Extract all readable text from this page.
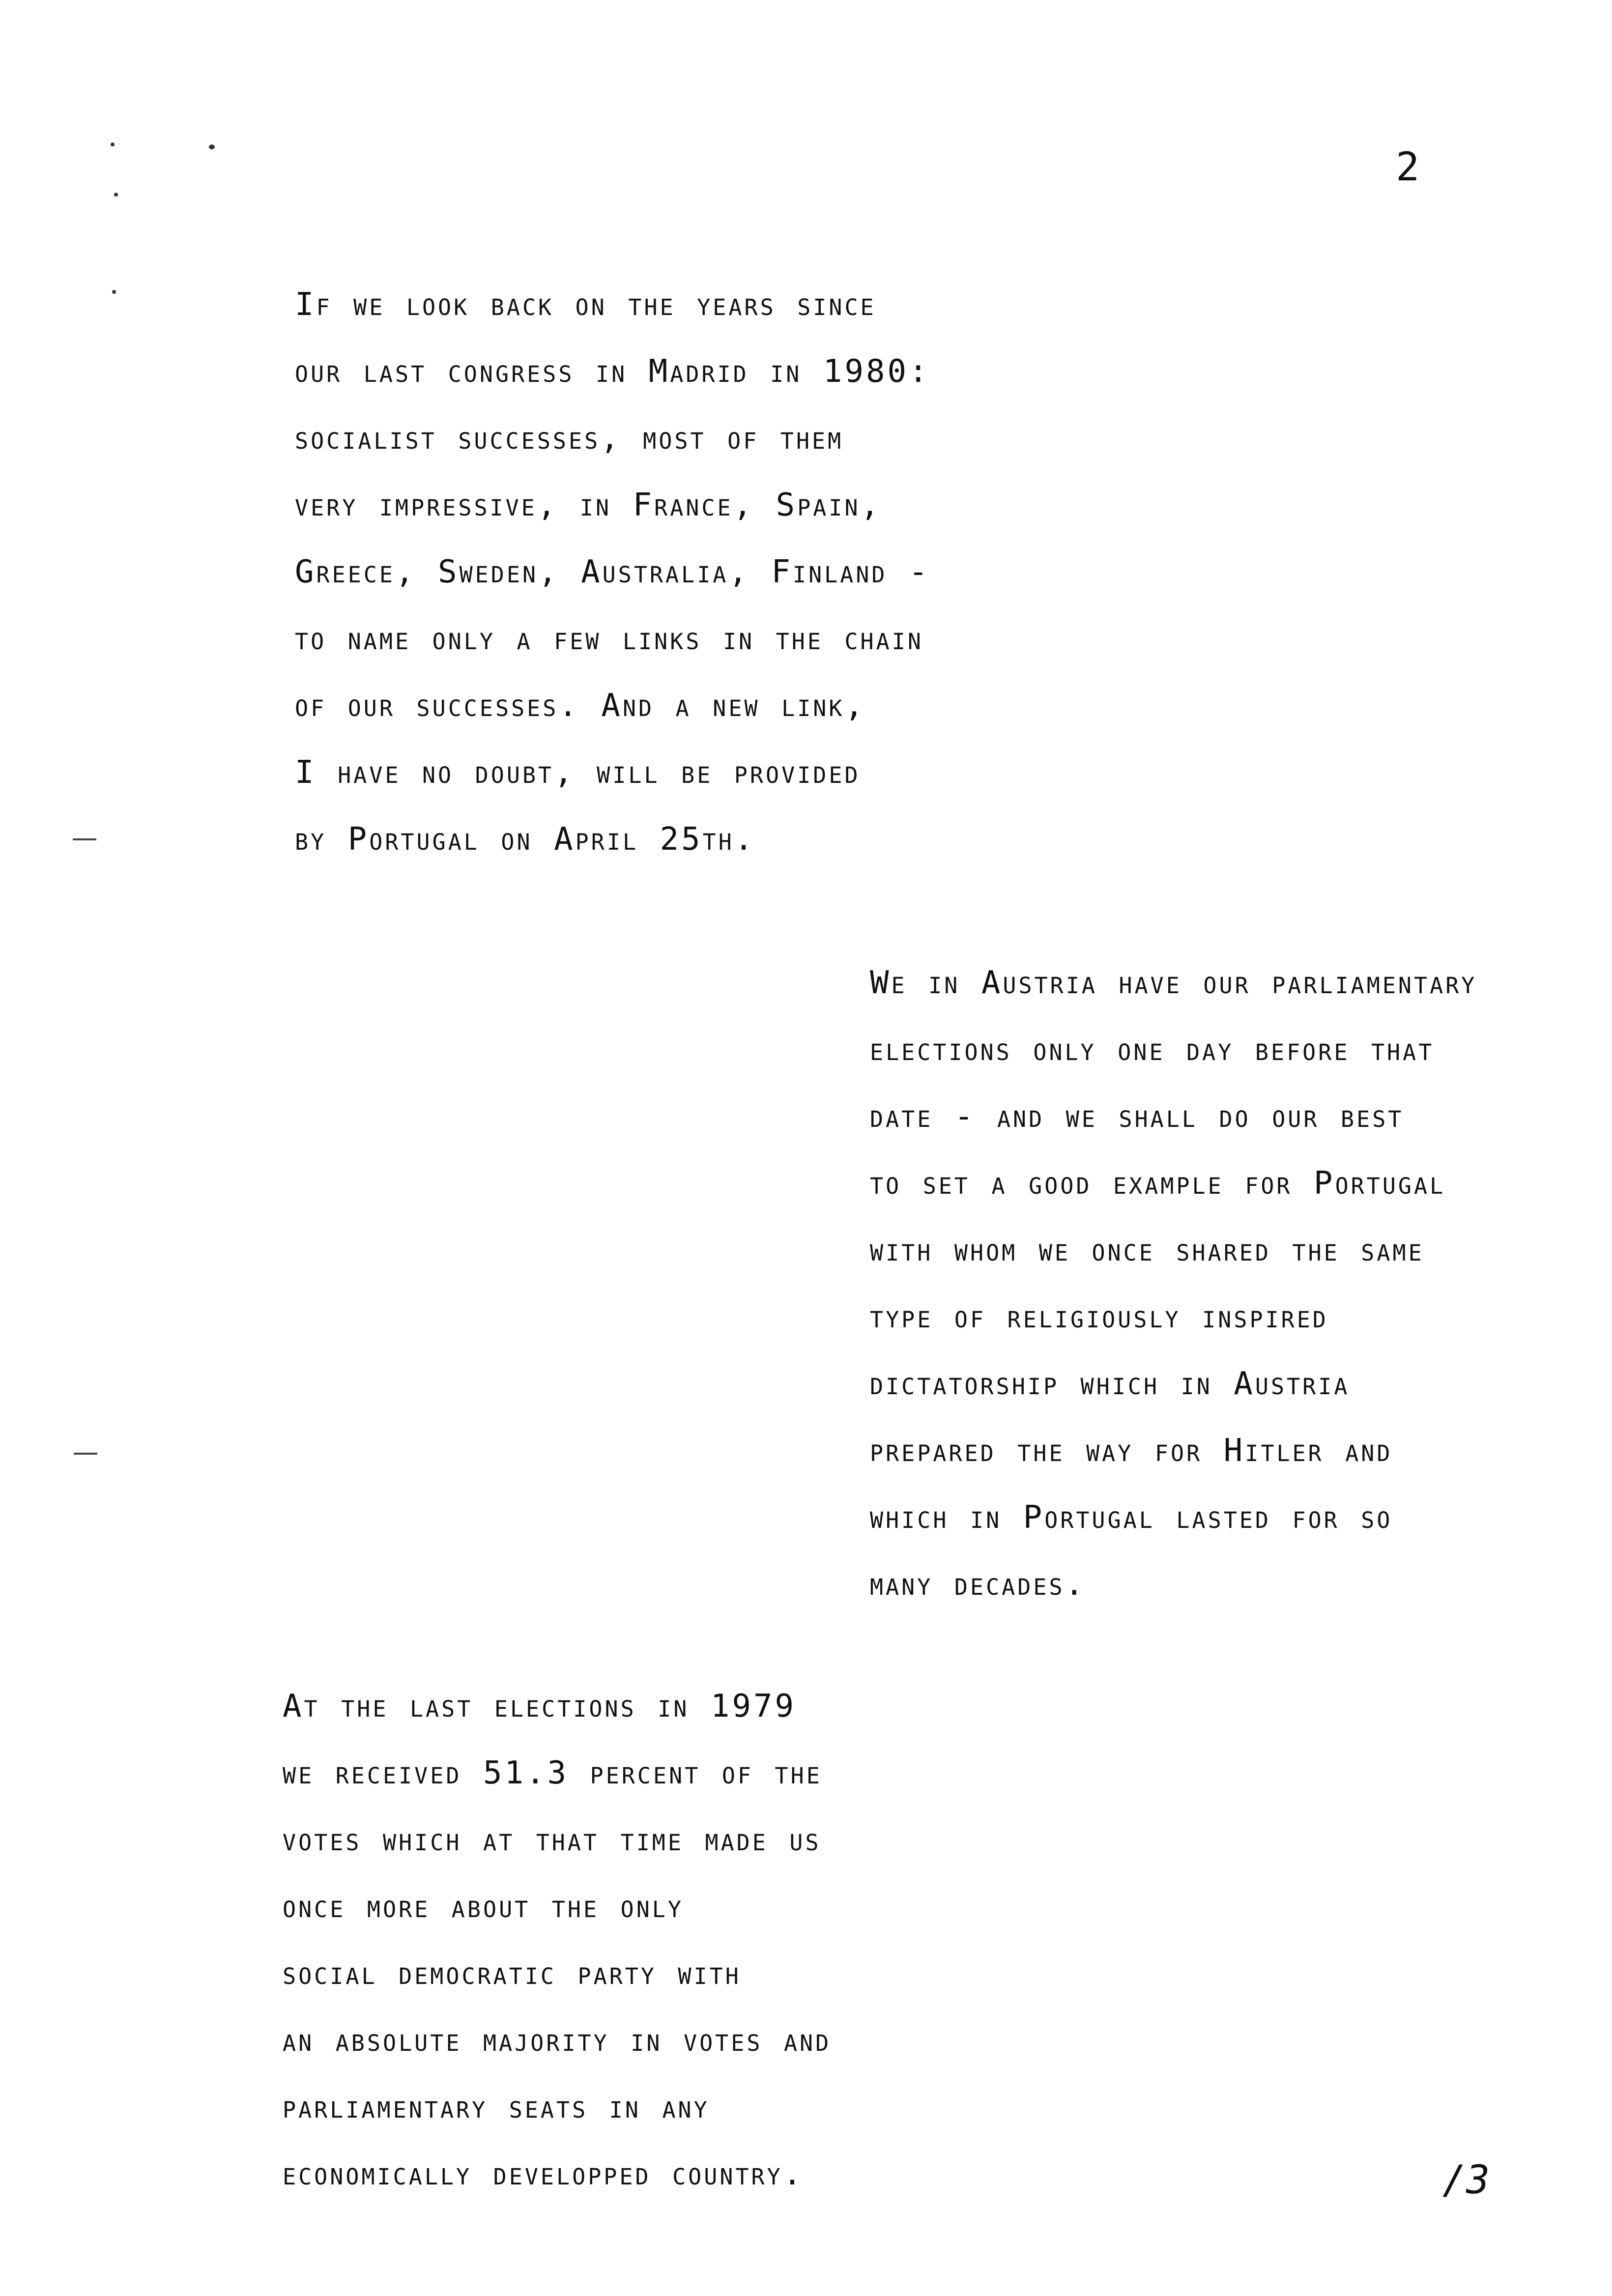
2
If we look back on the years since
our last congress in Madrid in 1980:
socialist successes, most of them
very impressive, in France, Spain,
Greece, Sweden, Australia, Finland -
to name only a few links in the chain
of our successes. And a new link,
I have no doubt, will be provided
by Portugal on April 25th.
We in Austria have our parliamentary
elections only one day before that
date - and we shall do our best
to set a good example for Portugal
with whom we once shared the same
type of religiously inspired
dictatorship which in Austria
prepared the way for Hitler and
which in Portugal lasted for so
many decades.
At the last elections in 1979
we received 51.3 percent of the
votes which at that time made us
once more about the only
social democratic party with
an absolute majority in votes and
parliamentary seats in any
economically developped country.	/3
